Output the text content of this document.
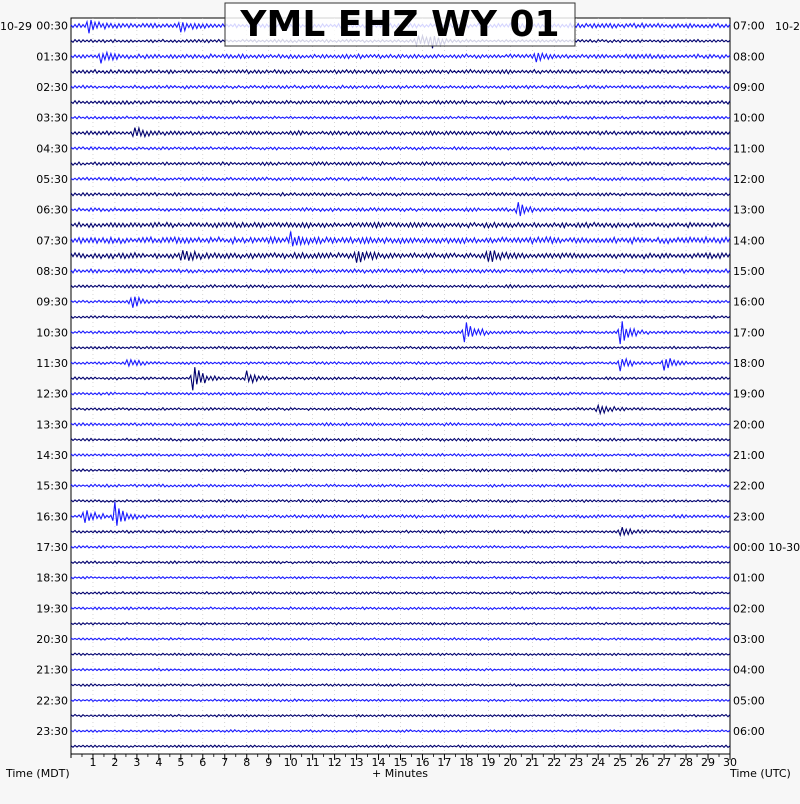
1 2 3 4 5 6 7 8 9 10 11 12 13 14 15 16 17 18 19 20 21 22 23 24 25 26 27 28 29 30
00:30
01:30
02:30
03:30
04:30
05:30
06:30
07:30
08:30
09:30
10:30
11:30
12:30
13:30
14:30
15:30
16:30
17:30
18:30
19:30
20:30
21:30
22:30
23:30
07:00
08:00
09:00
10:00
11:00
12:00
13:00
14:00
15:00
16:00
17:00
18:00
19:00
20:00
21:00
22:00
23:00
00:00 10-30
01:00
02:00
03:00
04:00
05:00
06:00
10-29	10-2
YML EHZ WY 01
Time (MDT)	+ Minutes	Time (UTC)
